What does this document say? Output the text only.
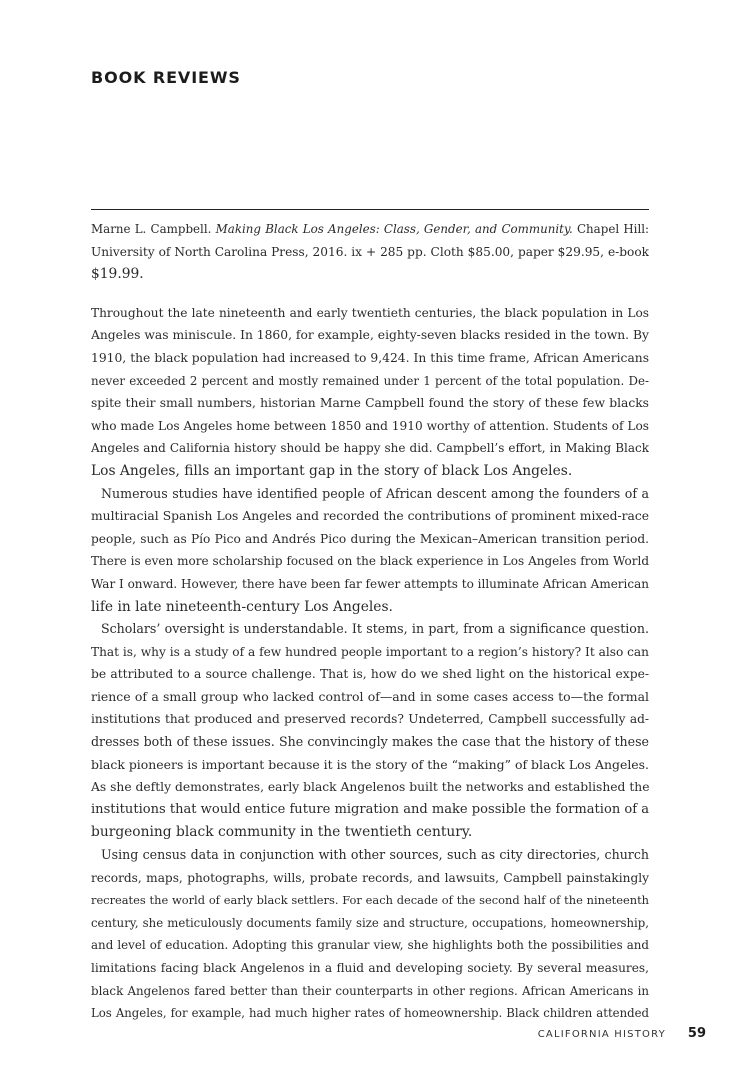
BOOK REVIEWS
Marne L. Campbell. Making Black Los Angeles: Class, Gender, and Community. Chapel Hill:
University of North Carolina Press, 2016. ix + 285 pp. Cloth $85.00, paper $29.95, e-book
$19.99.
Throughout the late nineteenth and early twentieth centuries, the black population in Los
Angeles was miniscule. In 1860, for example, eighty-seven blacks resided in the town. By
1910, the black population had increased to 9,424. In this time frame, African Americans
never exceeded 2 percent and mostly remained under 1 percent of the total population. De-
spite their small numbers, historian Marne Campbell found the story of these few blacks
who made Los Angeles home between 1850 and 1910 worthy of attention. Students of Los
Angeles and California history should be happy she did. Campbell’s effort, in Making Black
Los Angeles, fills an important gap in the story of black Los Angeles.
Numerous studies have identified people of African descent among the founders of a
multiracial Spanish Los Angeles and recorded the contributions of prominent mixed-race
people, such as Pío Pico and Andrés Pico during the Mexican–American transition period.
There is even more scholarship focused on the black experience in Los Angeles from World
War I onward. However, there have been far fewer attempts to illuminate African American
life in late nineteenth-century Los Angeles.
Scholars’ oversight is understandable. It stems, in part, from a significance question.
That is, why is a study of a few hundred people important to a region’s history? It also can
be attributed to a source challenge. That is, how do we shed light on the historical expe-
rience of a small group who lacked control of—and in some cases access to—the formal
institutions that produced and preserved records? Undeterred, Campbell successfully ad-
dresses both of these issues. She convincingly makes the case that the history of these
black pioneers is important because it is the story of the “making” of black Los Angeles.
As she deftly demonstrates, early black Angelenos built the networks and established the
institutions that would entice future migration and make possible the formation of a
burgeoning black community in the twentieth century.
Using census data in conjunction with other sources, such as city directories, church
records, maps, photographs, wills, probate records, and lawsuits, Campbell painstakingly
recreates the world of early black settlers. For each decade of the second half of the nineteenth
century, she meticulously documents family size and structure, occupations, homeownership,
and level of education. Adopting this granular view, she highlights both the possibilities and
limitations facing black Angelenos in a fluid and developing society. By several measures,
black Angelenos fared better than their counterparts in other regions. African Americans in
Los Angeles, for example, had much higher rates of homeownership. Black children attended
CALIFORNIA HISTORY 59
